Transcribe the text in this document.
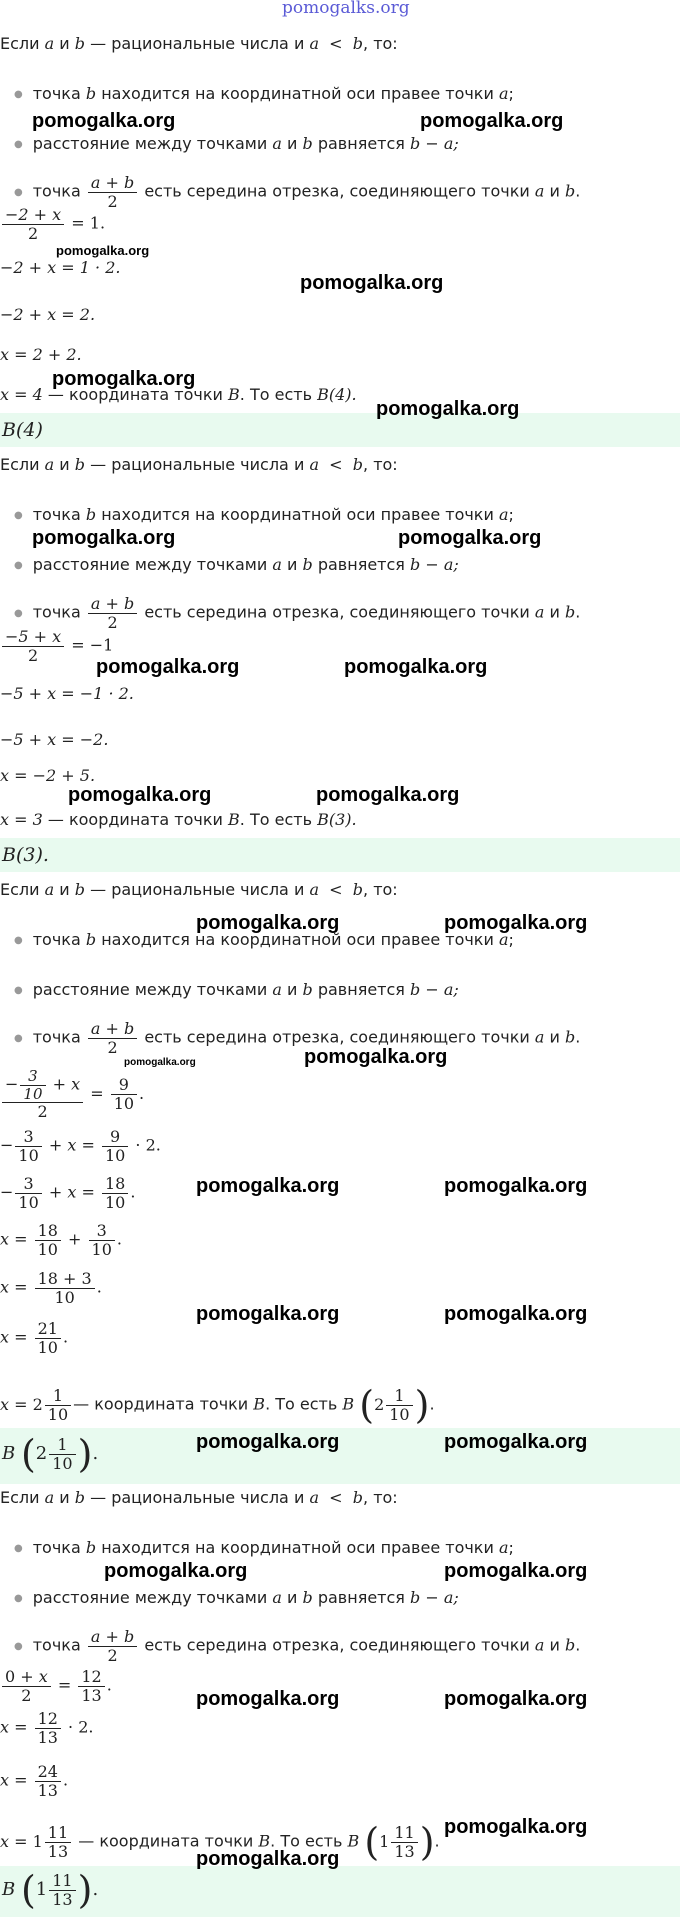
pomogalks.org
Если a и b — рациональные числа и a < b, то:
● точка b находится на координатной оси правее точки a;
● расстояние между точками a и b равняется b − a;
● точка $\frac{a + b}{2}$ есть середина отрезка, соединяющего точки a и b.
$\frac{-2 + x}{2} = 1$.
−2 + x = 1 · 2.
−2 + x = 2.
x = 2 + 2.
x = 4 — координата точки B. То есть B(4).
B(4)
Если a и b — рациональные числа и a < b, то:
● точка b находится на координатной оси правее точки a;
● расстояние между точками a и b равняется b − a;
● точка $\frac{a + b}{2}$ есть середина отрезка, соединяющего точки a и b.
$\frac{-5 + x}{2} = -1$
−5 + x = −1 · 2.
−5 + x = −2.
x = −2 + 5.
x = 3 — координата точки B. То есть B(3).
B(3).
Если a и b — рациональные числа и a < b, то:
● точка b находится на координатной оси правее точки a;
● расстояние между точками a и b равняется b − a;
● точка $\frac{a + b}{2}$ есть середина отрезка, соединяющего точки a и b.
$\frac{- \frac{3}{10} + x}{2} = \frac{9}{10}$ .
− $\frac{3}{10} + x = \frac{9}{10} \cdot 2$.
− $\frac{3}{10} + x = \frac{18}{10}$ .
$x = \frac{18}{10} + \frac{3}{10}$ .
$x = \frac{18 + 3}{10}$ .
$x = \frac{21}{10}$ .
$x = 2 \frac{1}{10}$ — координата точки B. То есть B ($2 \frac{1}{10}$ ).
B ($2 \frac{1}{10}$ ).
Если a и b — рациональные числа и a < b, то:
● точка b находится на координатной оси правее точки a;
● расстояние между точками a и b равняется b − a;
● точка $\frac{a + b}{2}$ есть середина отрезка, соединяющего точки a и b.
$\frac{0 + x}{2} = \frac{12}{13}$ .
$x = \frac{12}{13} \cdot 2$.
$x = \frac{24}{13}$ .
$x = 1 \frac{11}{13}$ — координата точки B. То есть B ($1 \frac{11}{13}$ ).
B ($1 \frac{11}{13}$ ).
pomogalka.org	pomogalka.org
pomogalka.org
pomogalka.org
pomogalka.org
pomogalka.org	pomogalka.org
pomogalka.org	pomogalka.org
pomogalka.org	pomogalka.org
pomogalka.org	pomogalka.org
pomogalka.org
pomogalka.org	pomogalka.org
pomogalka.org	pomogalka.org
pomogalka.org	pomogalka.org
pomogalka.org	pomogalka.org
pomogalka.org	pomogalka.org
pomogalka.org
pomogalka.org
pomogalka.org
pomogalka.org
